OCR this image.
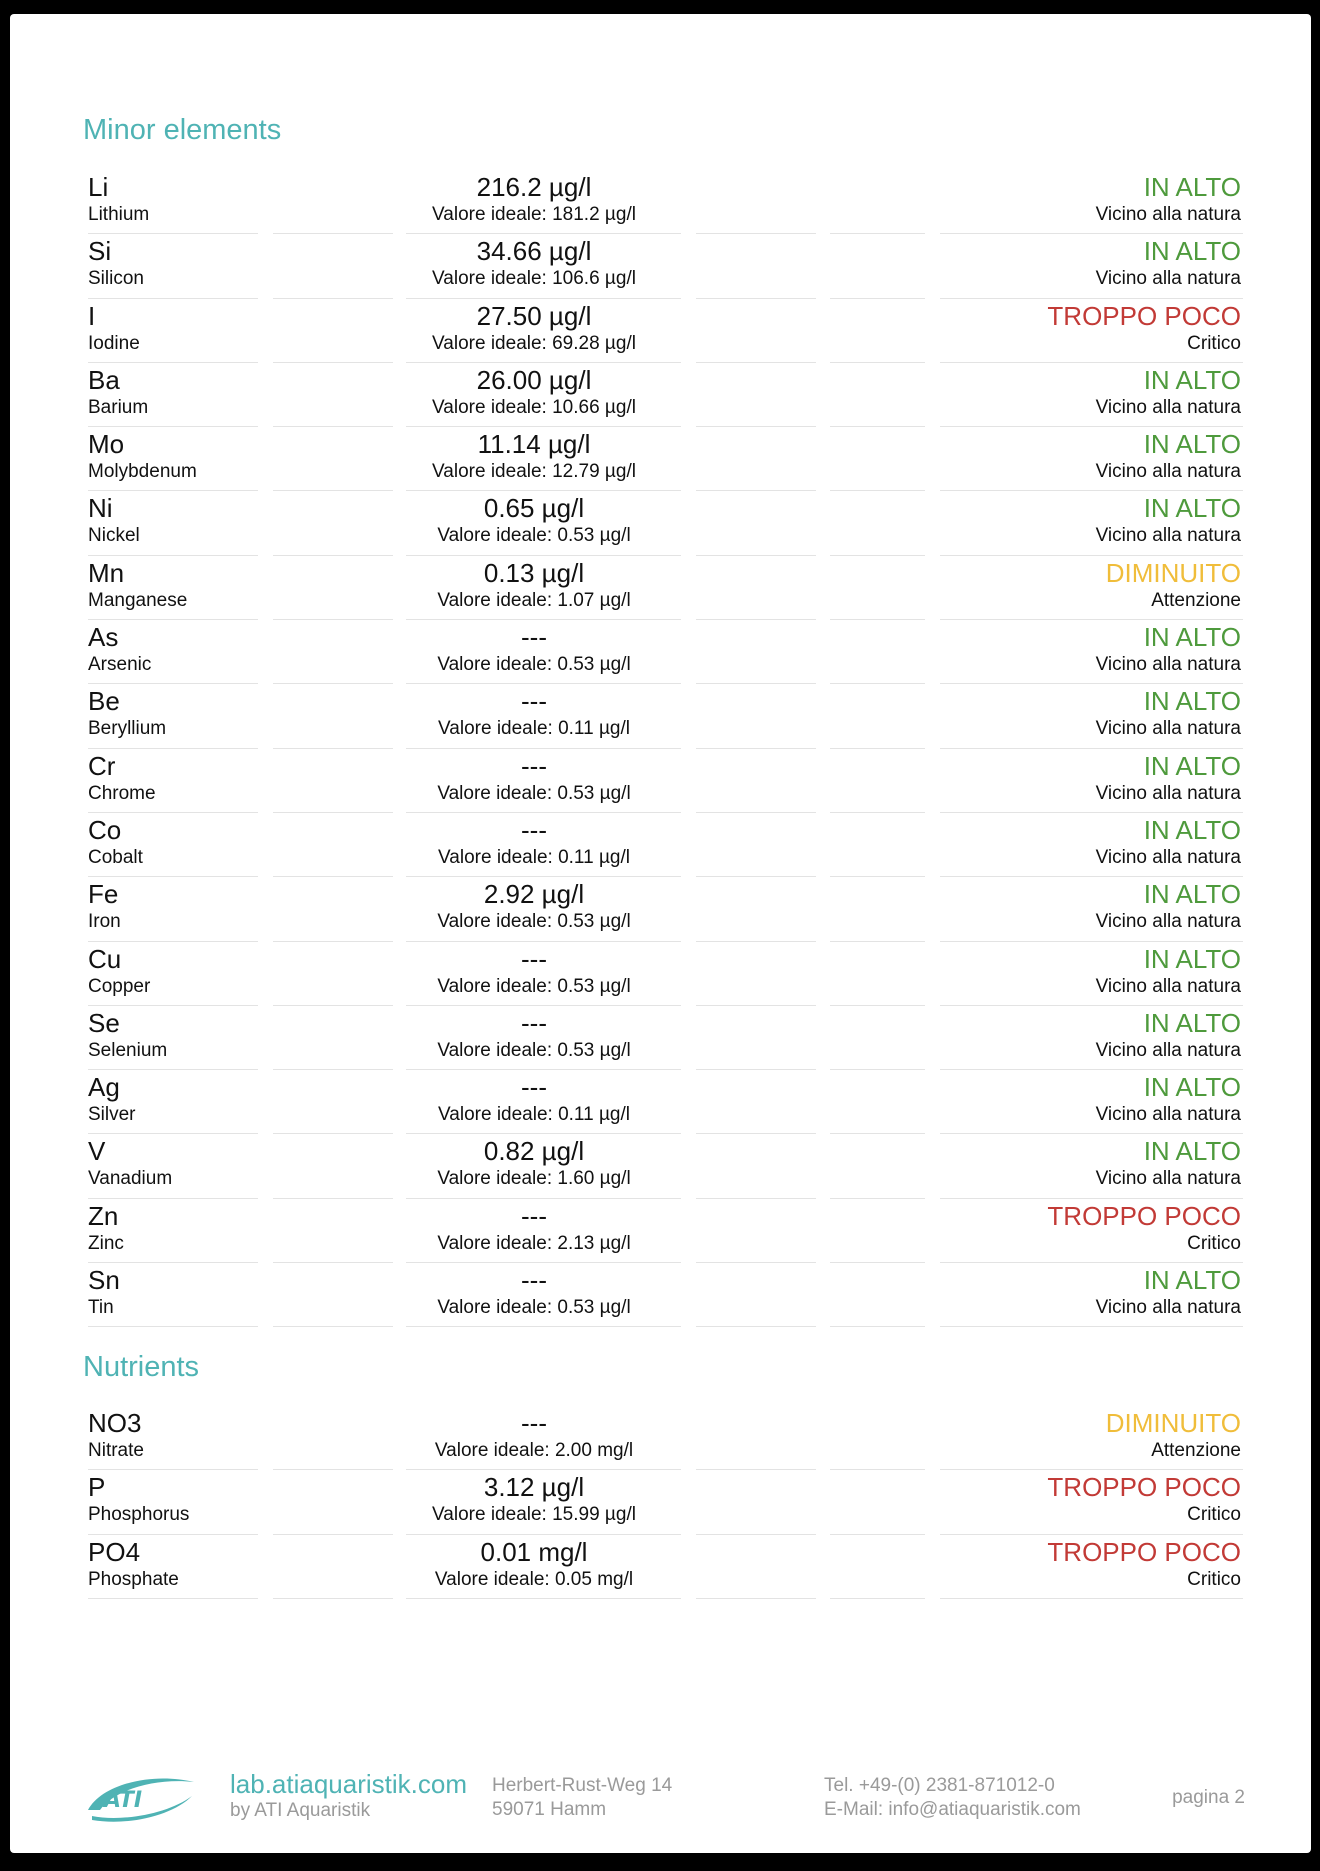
Minor elements
Li
Lithium
216.2 µg/l
Valore ideale: 181.2 µg/l
IN ALTO
Vicino alla natura
Si
Silicon
34.66 µg/l
Valore ideale: 106.6 µg/l
IN ALTO
Vicino alla natura
I
Iodine
27.50 µg/l
Valore ideale: 69.28 µg/l
TROPPO POCO
Critico
Ba
Barium
26.00 µg/l
Valore ideale: 10.66 µg/l
IN ALTO
Vicino alla natura
Mo
Molybdenum
11.14 µg/l
Valore ideale: 12.79 µg/l
IN ALTO
Vicino alla natura
Ni
Nickel
0.65 µg/l
Valore ideale: 0.53 µg/l
IN ALTO
Vicino alla natura
Mn
Manganese
0.13 µg/l
Valore ideale: 1.07 µg/l
DIMINUITO
Attenzione
As
Arsenic
---
Valore ideale: 0.53 µg/l
IN ALTO
Vicino alla natura
Be
Beryllium
---
Valore ideale: 0.11 µg/l
IN ALTO
Vicino alla natura
Cr
Chrome
---
Valore ideale: 0.53 µg/l
IN ALTO
Vicino alla natura
Co
Cobalt
---
Valore ideale: 0.11 µg/l
IN ALTO
Vicino alla natura
Fe
Iron
2.92 µg/l
Valore ideale: 0.53 µg/l
IN ALTO
Vicino alla natura
Cu
Copper
---
Valore ideale: 0.53 µg/l
IN ALTO
Vicino alla natura
Se
Selenium
---
Valore ideale: 0.53 µg/l
IN ALTO
Vicino alla natura
Ag
Silver
---
Valore ideale: 0.11 µg/l
IN ALTO
Vicino alla natura
V
Vanadium
0.82 µg/l
Valore ideale: 1.60 µg/l
IN ALTO
Vicino alla natura
Zn
Zinc
---
Valore ideale: 2.13 µg/l
TROPPO POCO
Critico
Sn
Tin
---
Valore ideale: 0.53 µg/l
IN ALTO
Vicino alla natura
Nutrients
NO3
Nitrate
---
Valore ideale: 2.00 mg/l
DIMINUITO
Attenzione
P
Phosphorus
3.12 µg/l
Valore ideale: 15.99 µg/l
TROPPO POCO
Critico
PO4
Phosphate
0.01 mg/l
Valore ideale: 0.05 mg/l
TROPPO POCO
Critico
ATI
lab.atiaquaristik.com
by ATI Aquaristik
Herbert-Rust-Weg 14
59071 Hamm
Tel. +49-(0) 2381-871012-0
E-Mail: info@atiaquaristik.com
pagina 2
